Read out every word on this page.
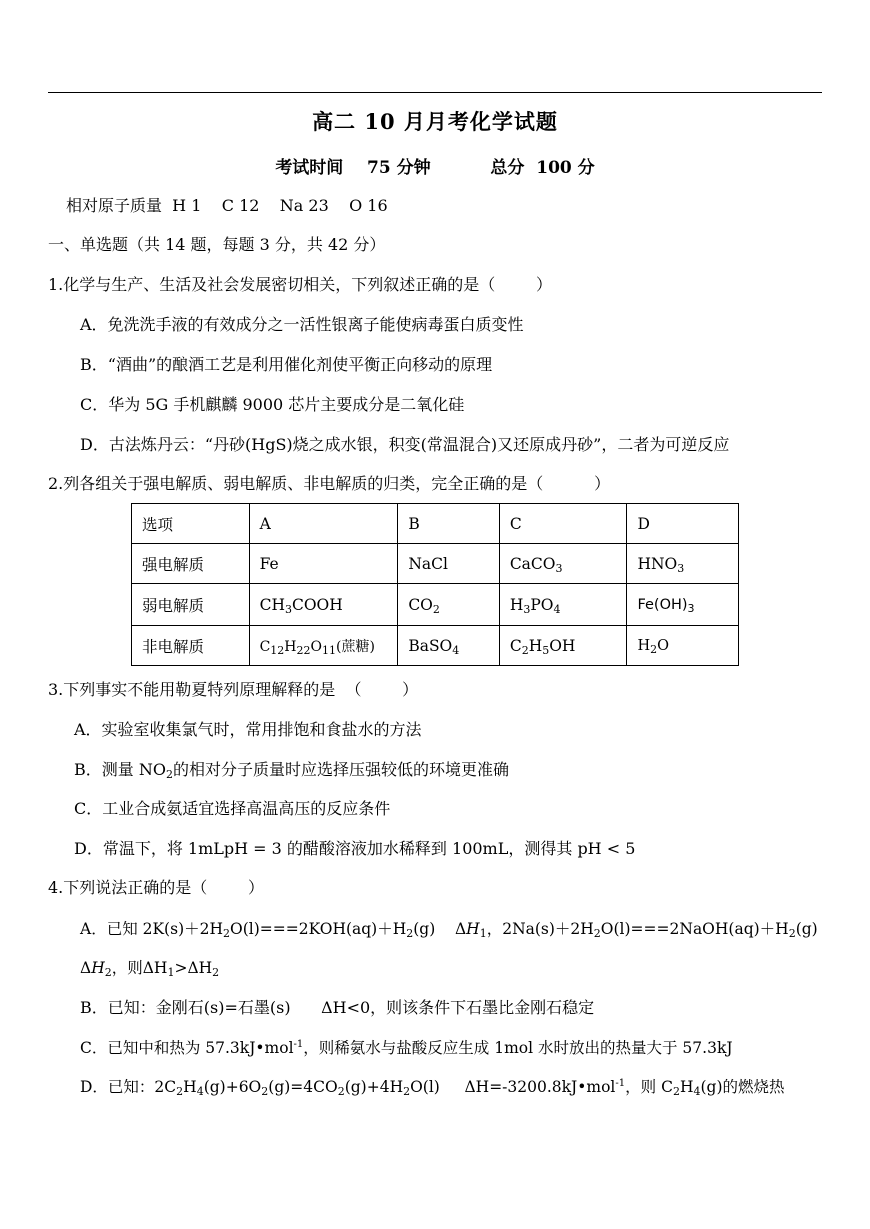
高二 10 月月考化学试题
考试时间 75 分钟	总分 100 分
相对原子质量  H 1    C 12    Na 23    O 16
一、单选题（共 14 题，每题 3 分，共 42 分）
1.化学与生产、生活及社会发展密切相关，下列叙述正确的是（        ）
A．免洗洗手液的有效成分之一活性银离子能使病毒蛋白质变性
B．“酒曲”的酿酒工艺是利用催化剂使平衡正向移动的原理
C．华为 5G 手机麒麟 9000 芯片主要成分是二氧化硅
D．古法炼丹云：“丹砂(HgS)烧之成水银，积变(常温混合)又还原成丹砂”，二者为可逆反应
2.列各组关于强电解质、弱电解质、非电解质的归类，完全正确的是（          ）
选项	A	B	C	D
强电解质	Fe	NaCl	CaCO$_3$	$HNO_3$
弱电解质	$CH_3COOH$	$CO_2$	$H_3PO_4$	$Fe(OH)_3$
非电解质	$C_{12}H_{22}O_{11}$(蔗糖)	BaSO$_4$	$C_2H_5OH$	$H_2O$
3.下列事实不能用勒夏特列原理解释的是  （        ）
A．实验室收集氯气时，常用排饱和食盐水的方法
B．测量 $NO_2$的相对分子质量时应选择压强较低的环境更准确
C．工业合成氨适宜选择高温高压的反应条件
D．常温下，将 1mLpH = 3 的醋酸溶液加水稀释到 100mL，测得其 pH < 5
4.下列说法正确的是（        ）
A．已知 $2K(s)+2H_2O(l)===2KOH(aq)+H_2(g)$    $\Delta H_1$，$2Na(s)+2H_2O(l)===2NaOH(aq)+H_2(g)$
$\Delta H_2$，则$\Delta H_1>\Delta H_2$
B．已知：金刚石(s)=石墨(s)      ΔH<0，则该条件下石墨比金刚石稳定
C．已知中和热为 57.3kJ•mol$^{-1}$，则稀氨水与盐酸反应生成 1mol 水时放出的热量大于 57.3kJ
D．已知：$2C_2H_4(g)+6O_2(g)=4CO_2(g)+4H_2O(l)$     ΔH=-3200.8kJ•mol$^{-1}$，则 $C_2H_4(g)$的燃烧热
